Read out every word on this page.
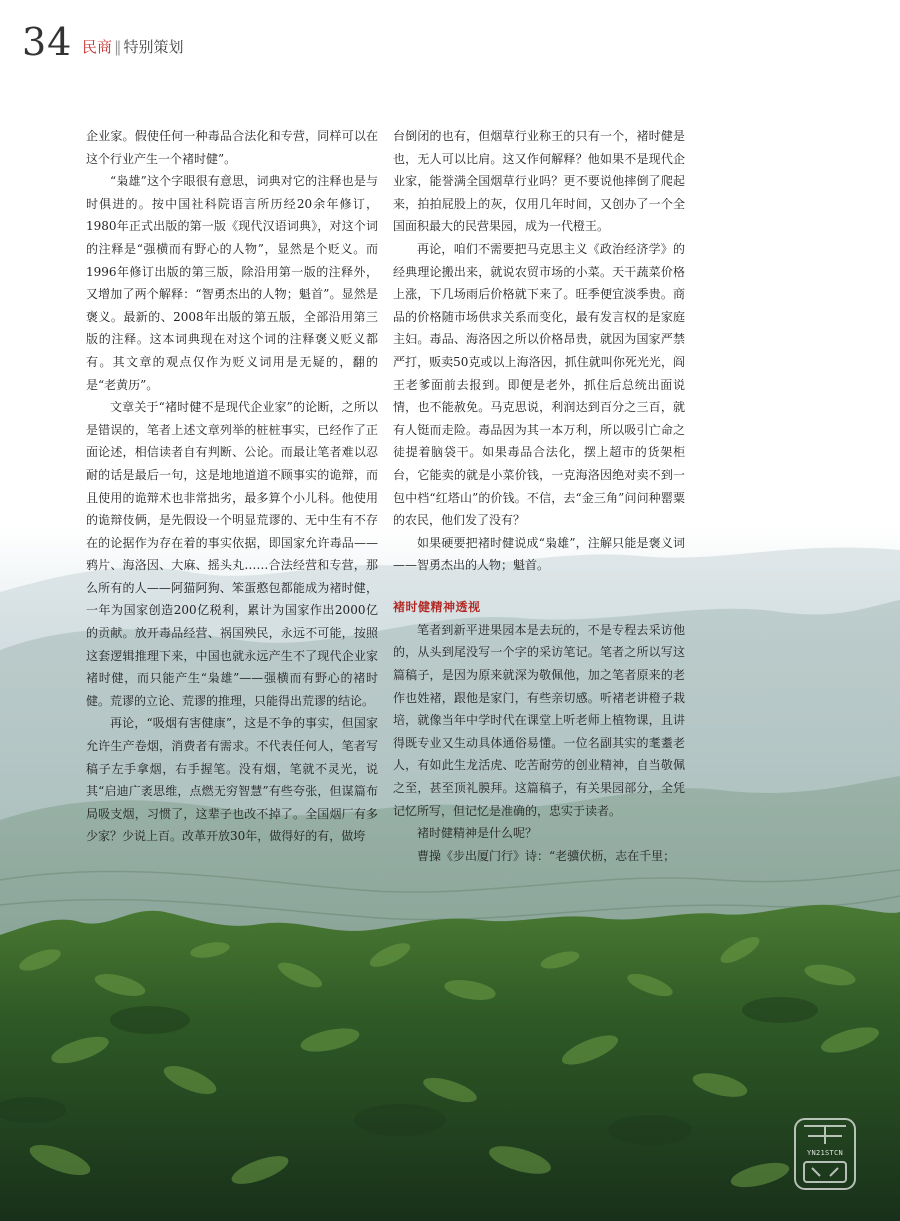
34 民商 ‖ 特别策划

企业家。假使任何一种毒品合法化和专营，同样可以在这个行业产生一个褚时健”。

“枭雄”这个字眼很有意思，词典对它的注释也是与时俱进的。按中国社科院语言所历经20余年修订，1980年正式出版的第一版《现代汉语词典》，对这个词的注释是“强横而有野心的人物”，显然是个贬义。而1996年修订出版的第三版，除沿用第一版的注释外，又增加了两个解释：“智勇杰出的人物；魁首”。显然是褒义。最新的、2008年出版的第五版，全部沿用第三版的注释。这本词典现在对这个词的注释褒义贬义都有。其文章的观点仅作为贬义词用是无疑的，翻的是“老黄历”。

文章关于“褚时健不是现代企业家”的论断，之所以是错误的，笔者上述文章列举的桩桩事实，已经作了正面论述，相信读者自有判断、公论。而最让笔者难以忍耐的话是最后一句，这是地地道道不顾事实的诡辩，而且使用的诡辩术也非常拙劣，最多算个小儿科。他使用的诡辩伎俩，是先假设一个明显荒谬的、无中生有不存在的论据作为存在着的事实依据，即国家允许毒品——鸦片、海洛因、大麻、摇头丸……合法经营和专营，那么所有的人——阿猫阿狗、笨蛋憨包都能成为褚时健，一年为国家创造200亿税利，累计为国家作出2000亿的贡献。放开毒品经营、祸国殃民，永远不可能，按照这套逻辑推理下来，中国也就永远产生不了现代企业家褚时健，而只能产生“枭雄”——强横而有野心的褚时健。荒谬的立论、荒谬的推理，只能得出荒谬的结论。

再论，“吸烟有害健康”，这是不争的事实，但国家允许生产卷烟，消费者有需求。不代表任何人，笔者写稿子左手拿烟，右手握笔。没有烟，笔就不灵光，说其“启迪广袤思维，点燃无穷智慧”有些夸张，但谋篇布局吸支烟，习惯了，这辈子也改不掉了。全国烟厂有多少家？少说上百。改革开放30年，做得好的有，做垮

台倒闭的也有，但烟草行业称王的只有一个，褚时健是也，无人可以比肩。这又作何解释？他如果不是现代企业家，能誉满全国烟草行业吗？更不要说他摔倒了爬起来，拍拍屁股上的灰，仅用几年时间，又创办了一个全国面积最大的民营果园，成为一代橙王。

再论，咱们不需要把马克思主义《政治经济学》的经典理论搬出来，就说农贸市场的小菜。天干蔬菜价格上涨，下几场雨后价格就下来了。旺季便宜淡季贵。商品的价格随市场供求关系而变化，最有发言权的是家庭主妇。毒品、海洛因之所以价格昂贵，就因为国家严禁严打，贩卖50克或以上海洛因，抓住就叫你死光光，阎王老爹面前去报到。即便是老外，抓住后总统出面说情，也不能赦免。马克思说，利润达到百分之三百，就有人铤而走险。毒品因为其一本万利，所以吸引亡命之徒提着脑袋干。如果毒品合法化，摆上超市的货架柜台，它能卖的就是小菜价钱，一克海洛因绝对卖不到一包中档“红塔山”的价钱。不信，去“金三角”问问种罂粟的农民，他们发了没有？

如果硬要把褚时健说成“枭雄”，注解只能是褒义词——智勇杰出的人物；魁首。

褚时健精神透视

笔者到新平进果园本是去玩的，不是专程去采访他的，从头到尾没写一个字的采访笔记。笔者之所以写这篇稿子，是因为原来就深为敬佩他，加之笔者原来的老作也姓褚，跟他是家门，有些亲切感。听褚老讲橙子栽培，就像当年中学时代在课堂上听老师上植物课，且讲得既专业又生动具体通俗易懂。一位名副其实的耄耋老人，有如此生龙活虎、吃苦耐劳的创业精神，自当敬佩之至，甚至顶礼膜拜。这篇稿子，有关果园部分，全凭记忆所写，但记忆是准确的，忠实于读者。

褚时健精神是什么呢？

曹操《步出厦门行》诗：“老骥伏枥，志在千里；

YN21STCN
